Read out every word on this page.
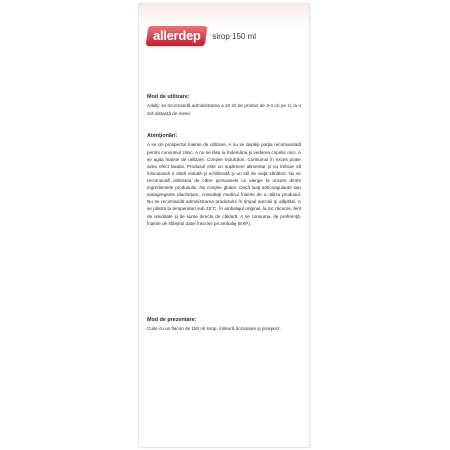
allerdep	sirop 150 ml

Mod de utilizare:

Adulţi: se recomandă administrarea a 10 ml de produs de 3-4 ori pe zi, la o oră distanţă de mese.

Atenţionări:

A se citi prospectul înainte de utilizare. A nu se depăşi porţia recomandată pentru consumul zilnic. A nu se lăsa la îndemâna şi vederea copiilor mici. A se agita înainte de utilizare. Conţine îndulcitori. Consumul în exces poate avea efect laxativ. Produsul este un supliment alimentar şi nu trebuie să înlocuiască o dietă variată şi echilibrată şi un stil de viaţă sănătos. Nu se recomandă utilizarea de către persoanele cu alergie la oricare dintre ingredientele produsului. Nu conţine gluten. Dacă luaţi anticoagulante sau antiagregante plachetare, consultaţi medicul înainte de a utiliza produsul. Nu se recomandă administrarea produsului în timpul sarcinii şi alăptării. A se păstra la temperaturi sub 25°C, în ambalajul original, la loc răcoros, ferit de umiditate şi de surse directe de căldură. A se consuma, de preferinţă, înainte de sfârşitul datei înscrise pe ambalaj (EXP).

Mod de prezentare:

Cutie cu un flacon de 150 ml sirop, măsură dozatoare şi prospect.
